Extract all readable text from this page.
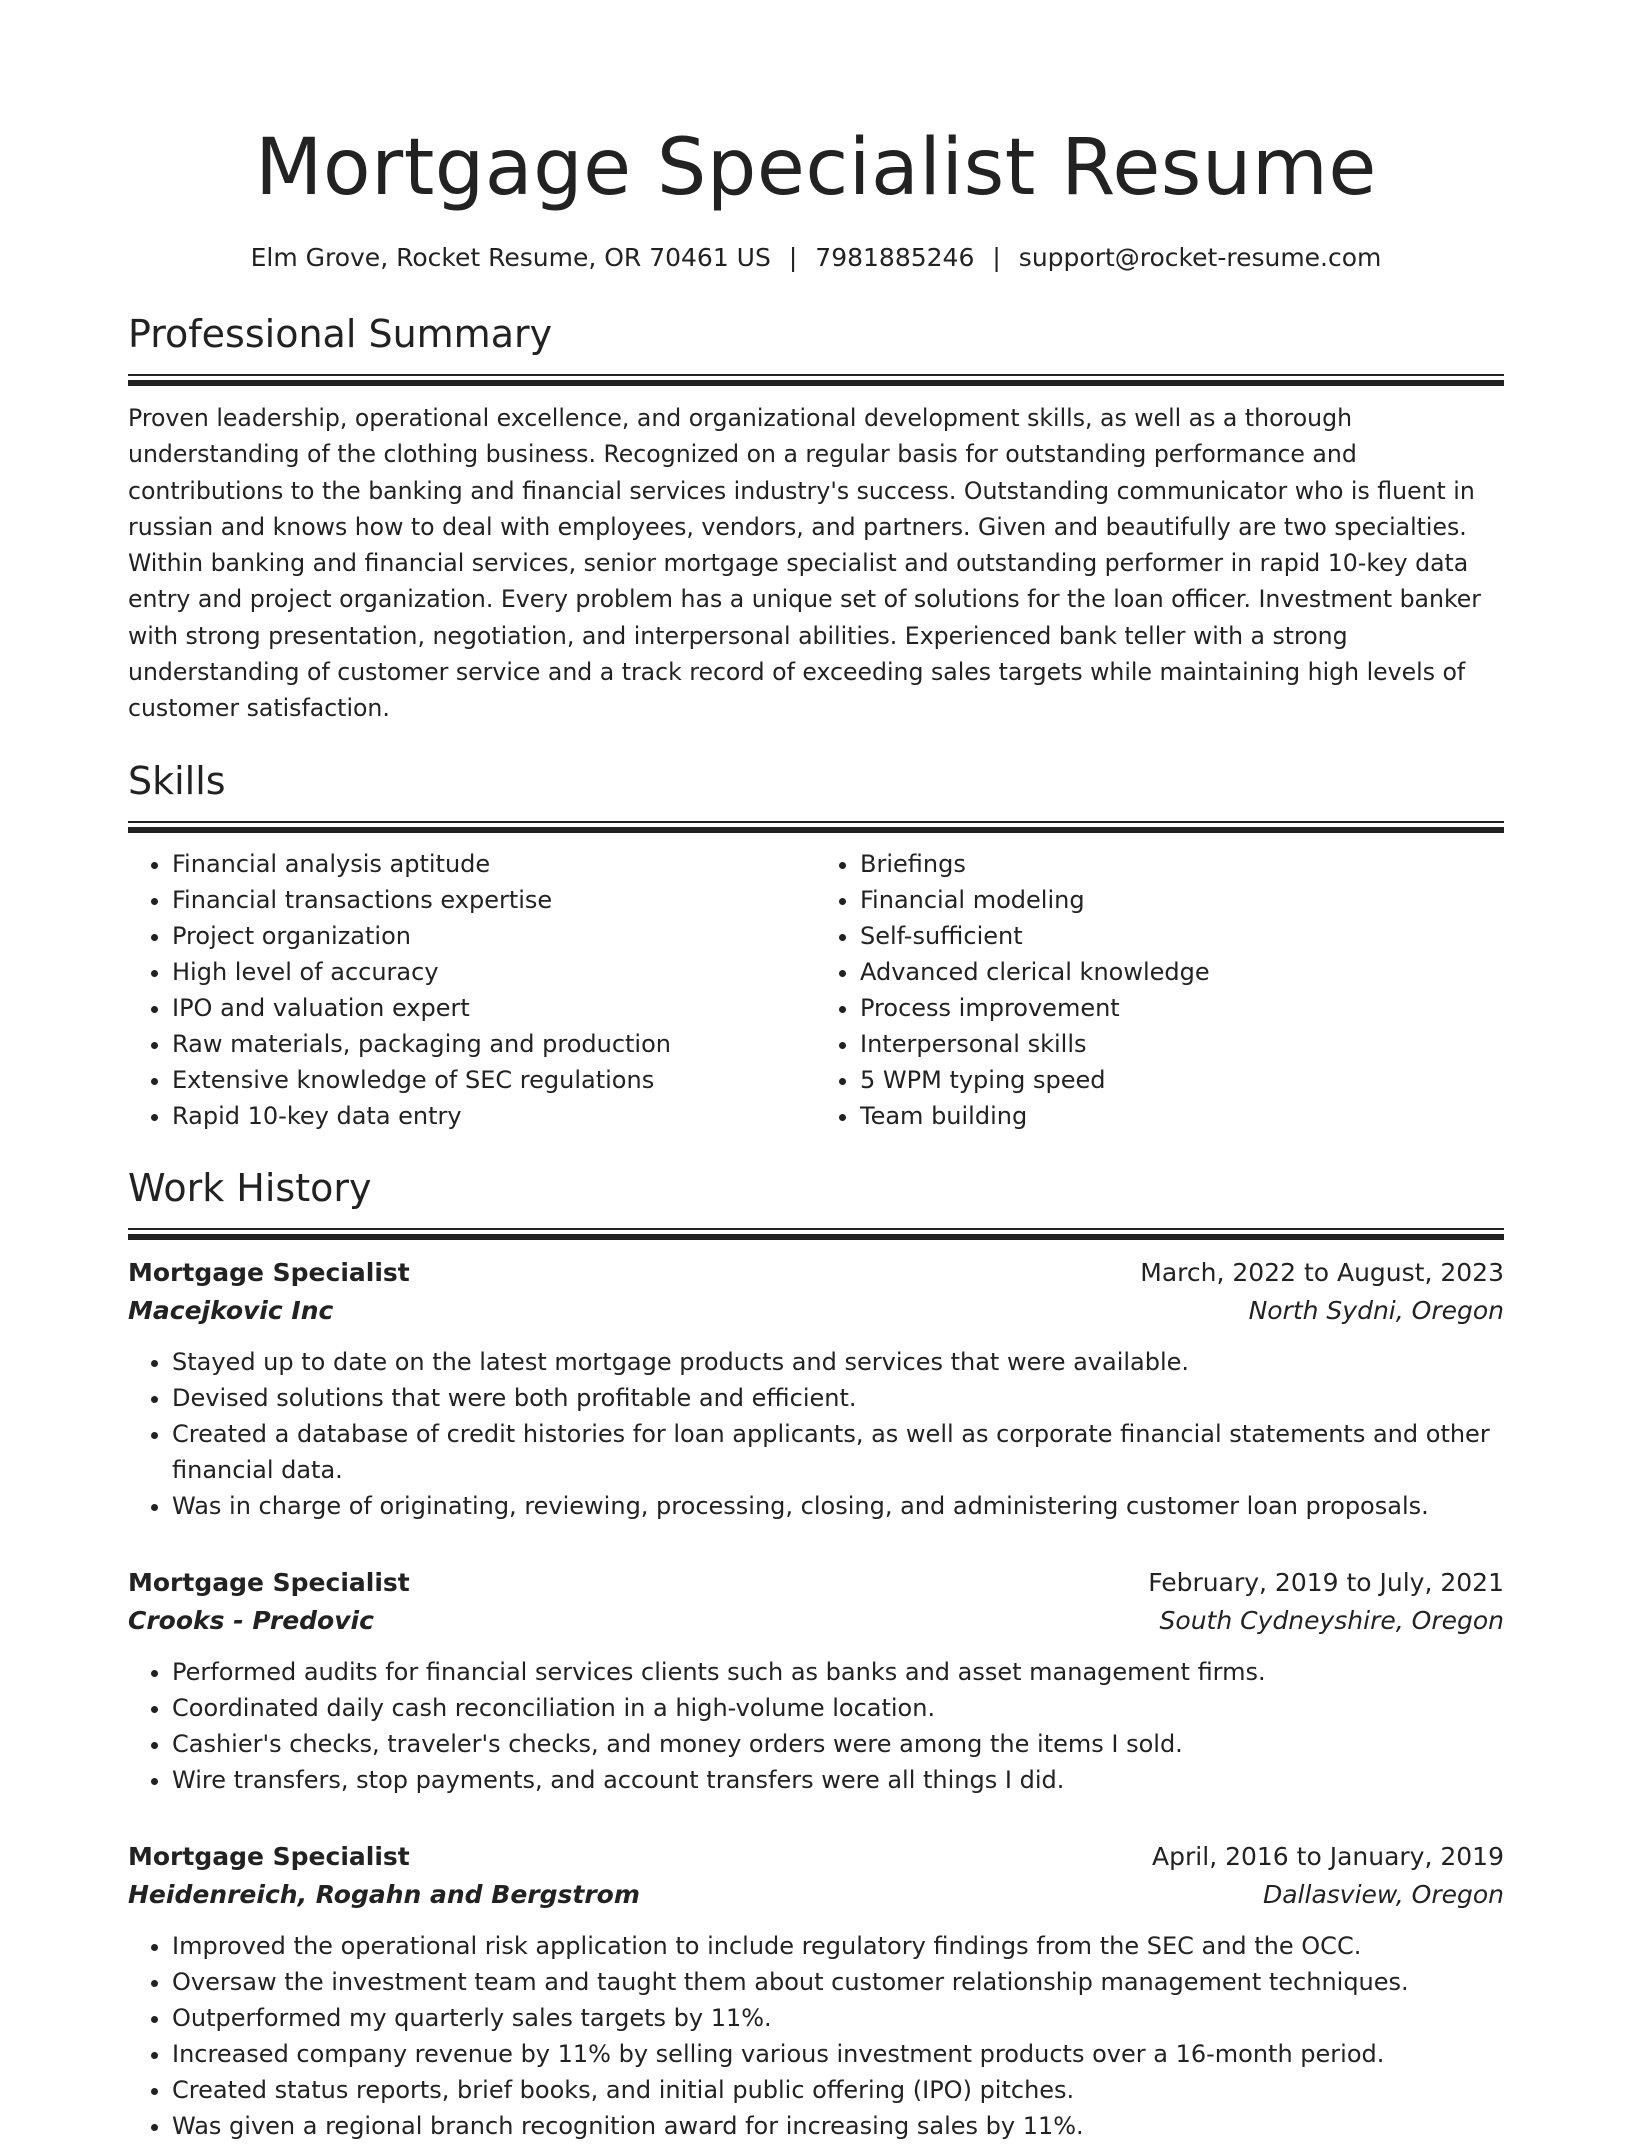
Mortgage Specialist Resume
Elm Grove, Rocket Resume, OR 70461 US | 7981885246 | support@rocket-resume.com
Professional Summary

Proven leadership, operational excellence, and organizational development skills, as well as a thorough understanding of the clothing business. Recognized on a regular basis for outstanding performance and contributions to the banking and financial services industry's success. Outstanding communicator who is fluent in russian and knows how to deal with employees, vendors, and partners. Given and beautifully are two specialties. Within banking and financial services, senior mortgage specialist and outstanding performer in rapid 10-key data entry and project organization. Every problem has a unique set of solutions for the loan officer. Investment banker with strong presentation, negotiation, and interpersonal abilities. Experienced bank teller with a strong understanding of customer service and a track record of exceeding sales targets while maintaining high levels of customer satisfaction.

Skills
• Financial analysis aptitude
• Financial transactions expertise
• Project organization
• High level of accuracy
• IPO and valuation expert
• Raw materials, packaging and production
• Extensive knowledge of SEC regulations
• Rapid 10-key data entry
• Briefings
• Financial modeling
• Self-sufficient
• Advanced clerical knowledge
• Process improvement
• Interpersonal skills
• 5 WPM typing speed
• Team building
Work History
Mortgage Specialist	March, 2022 to August, 2023
Macejkovic Inc	North Sydni, Oregon
• Stayed up to date on the latest mortgage products and services that were available.
• Devised solutions that were both profitable and efficient.
• Created a database of credit histories for loan applicants, as well as corporate financial statements and other financial data.
• Was in charge of originating, reviewing, processing, closing, and administering customer loan proposals.
Mortgage Specialist	February, 2019 to July, 2021
Crooks - Predovic	South Cydneyshire, Oregon
• Performed audits for financial services clients such as banks and asset management firms.
• Coordinated daily cash reconciliation in a high-volume location.
• Cashier's checks, traveler's checks, and money orders were among the items I sold.
• Wire transfers, stop payments, and account transfers were all things I did.
Mortgage Specialist	April, 2016 to January, 2019
Heidenreich, Rogahn and Bergstrom	Dallasview, Oregon
• Improved the operational risk application to include regulatory findings from the SEC and the OCC.
• Oversaw the investment team and taught them about customer relationship management techniques.
• Outperformed my quarterly sales targets by 11%.
• Increased company revenue by 11% by selling various investment products over a 16-month period.
• Created status reports, brief books, and initial public offering (IPO) pitches.
• Was given a regional branch recognition award for increasing sales by 11%.
